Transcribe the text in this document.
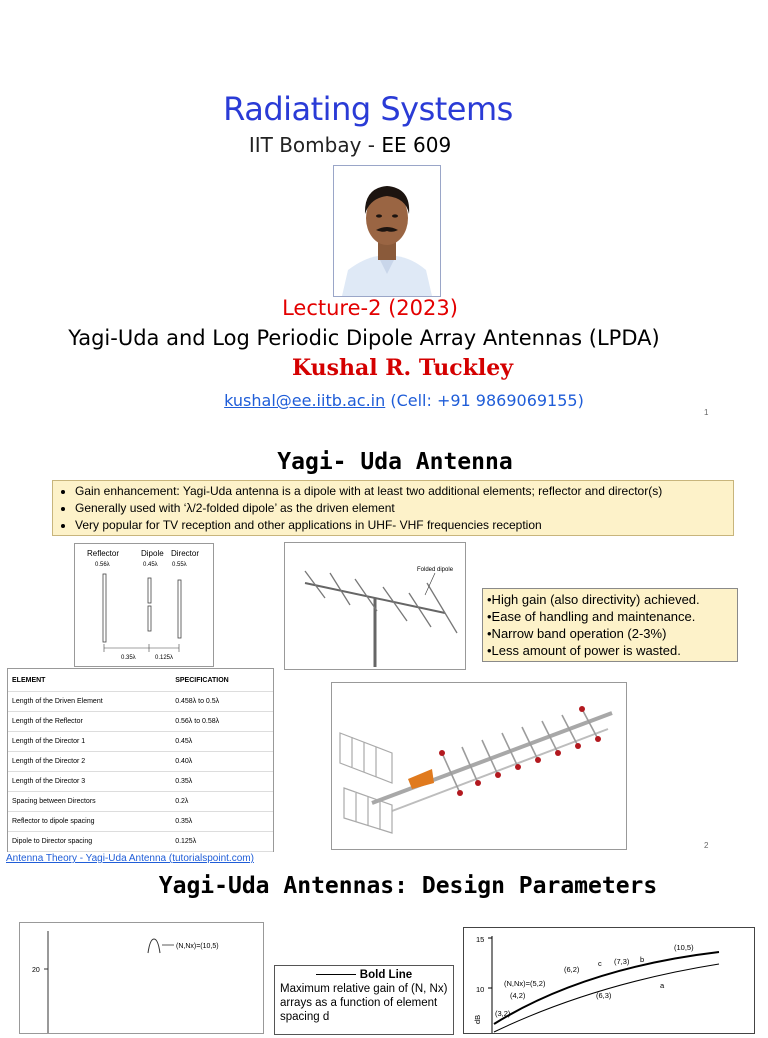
Radiating Systems
IIT Bombay - EE 609
Lecture-2 (2023)
Yagi-Uda and Log Periodic Dipole Array Antennas (LPDA)
Kushal R. Tuckley
kushal@ee.iitb.ac.in (Cell: +91 9869069155)
1
Yagi- Uda Antenna
• Gain enhancement: Yagi-Uda antenna is a dipole with at least two additional elements; reflector and director(s)
• Generally used with ‘λ/2-folded dipole’ as the driven element
• Very popular for TV reception and other applications in UHF- VHF frequencies reception
Reflector	Dipole Director
0.56λ	0.45λ 0.55λ
0.35λ	0.125λ
Folded dipole
•High gain (also directivity) achieved.
•Ease of handling and maintenance.
•Narrow band operation (2-3%)
•Less amount of power is wasted.
ELEMENT	SPECIFICATION
Length of the Driven Element	0.458λ to 0.5λ
Length of the Reflector	0.56λ to 0.58λ
Length of the Director 1	0.45λ
Length of the Director 2	0.40λ
Length of the Director 3	0.35λ
Spacing between Directors	0.2λ
Reflector to dipole spacing	0.35λ
Dipole to Director spacing	0.125λ
Antenna Theory - Yagi-Uda Antenna (tutorialspoint.com)
2
Yagi-Uda Antennas: Design Parameters
20
(N,Nx)=(10,5)
Bold Line
Maximum relative gain of (N, Nx) arrays as a function of element spacing d
15
10
dB
(10,5)
(7,3)
(6,2)
(N,Nx)=(5,2)
(4,2)	(6,3)
(3,2)
a
b
c
